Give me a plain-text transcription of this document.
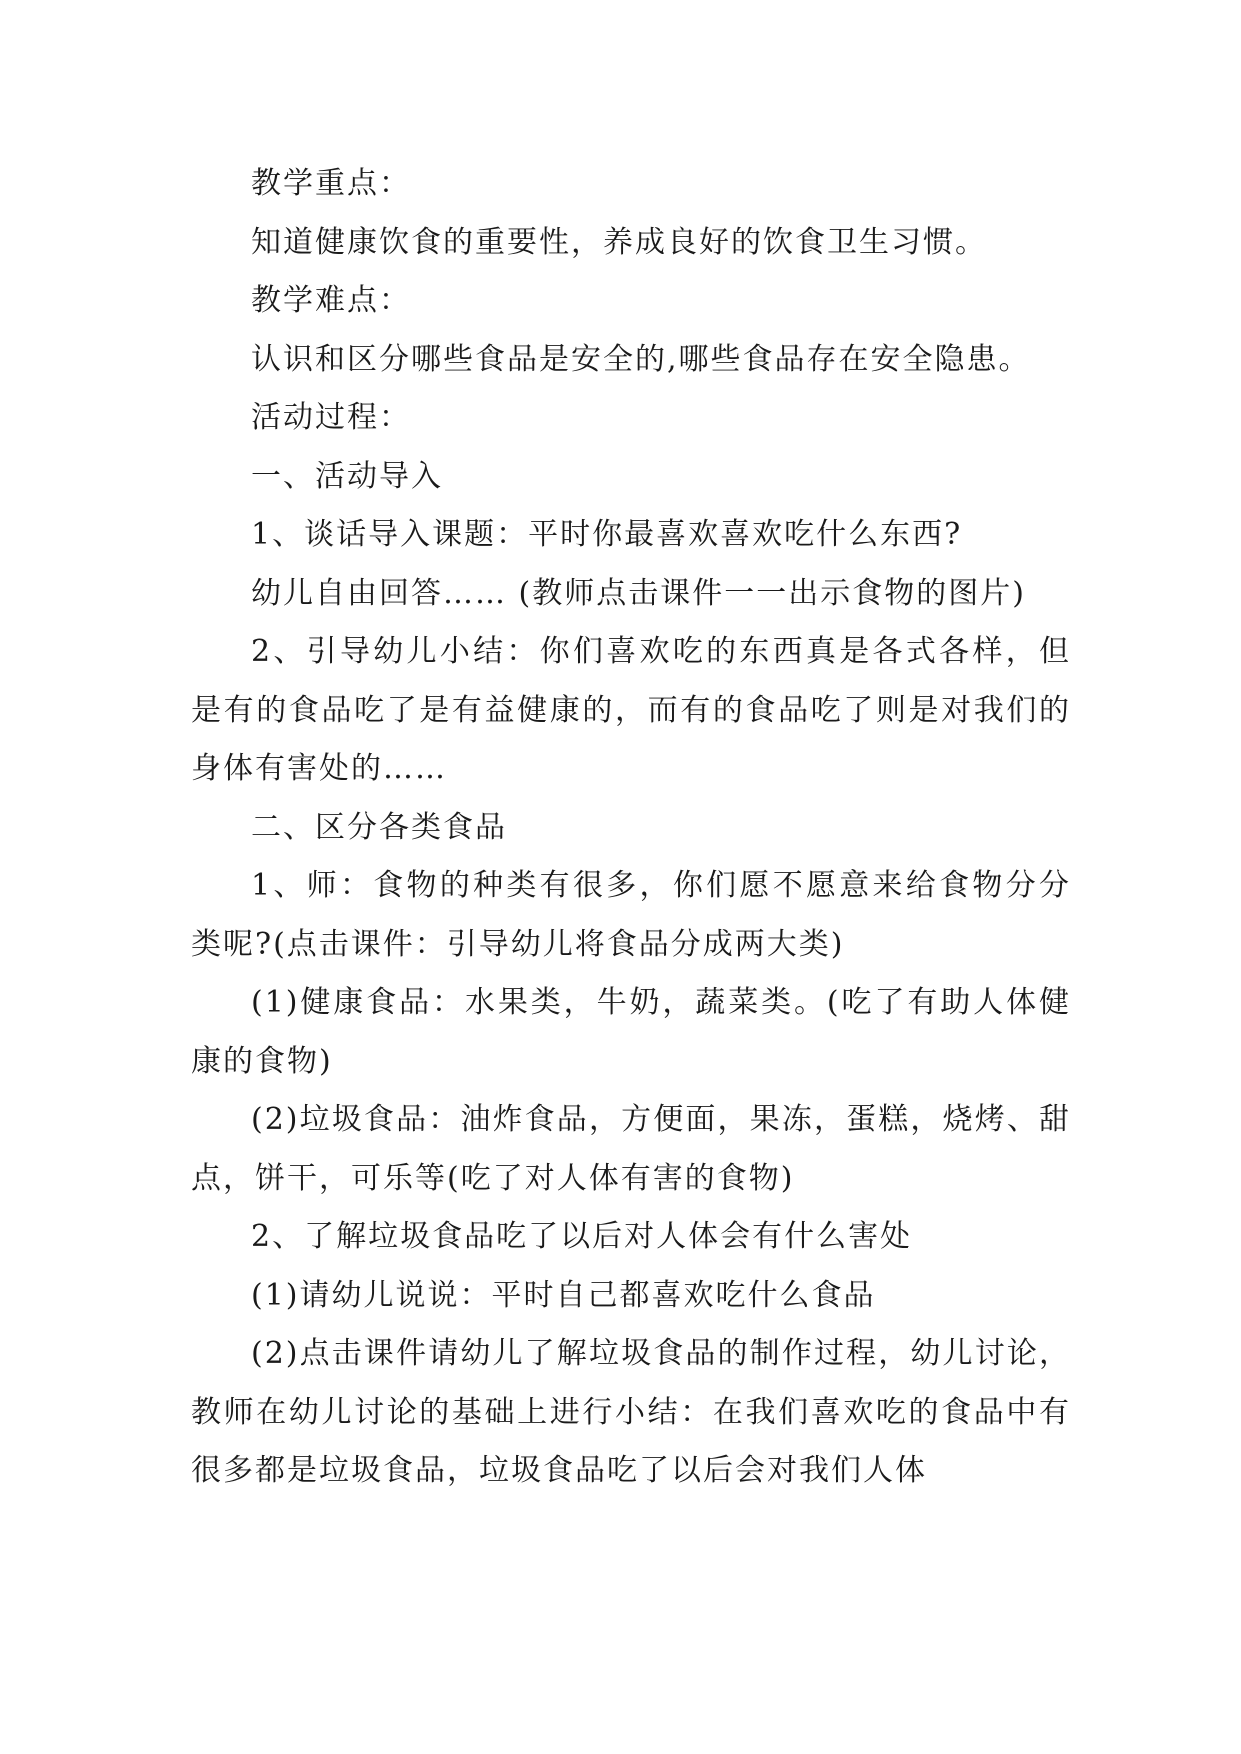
教学重点：

知道健康饮食的重要性，养成良好的饮食卫生习惯。

教学难点：

认识和区分哪些食品是安全的,哪些食品存在安全隐患。

活动过程：

一、活动导入

1、谈话导入课题：平时你最喜欢喜欢吃什么东西?

幼儿自由回答…… (教师点击课件一一出示食物的图片)

2、引导幼儿小结：你们喜欢吃的东西真是各式各样，但是有的食品吃了是有益健康的，而有的食品吃了则是对我们的身体有害处的……

二、区分各类食品

1、师：食物的种类有很多，你们愿不愿意来给食物分分类呢?(点击课件：引导幼儿将食品分成两大类)

(1)健康食品：水果类，牛奶，蔬菜类。(吃了有助人体健康的食物)

(2)垃圾食品：油炸食品，方便面，果冻，蛋糕，烧烤、甜点，饼干，可乐等(吃了对人体有害的食物)

2、了解垃圾食品吃了以后对人体会有什么害处

(1)请幼儿说说：平时自己都喜欢吃什么食品

(2)点击课件请幼儿了解垃圾食品的制作过程，幼儿讨论，教师在幼儿讨论的基础上进行小结：在我们喜欢吃的食品中有很多都是垃圾食品，垃圾食品吃了以后会对我们人体
